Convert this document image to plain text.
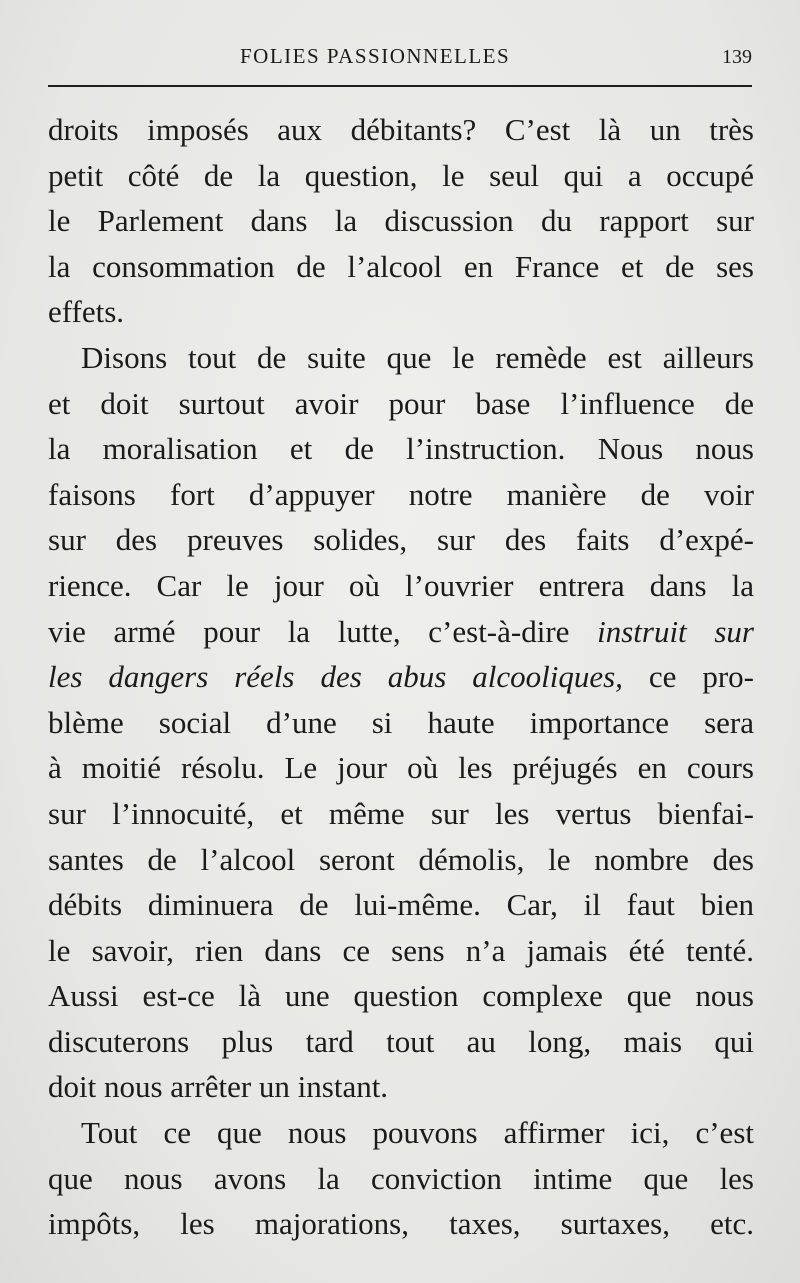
FOLIES PASSIONNELLES	139
droits imposés aux débitants? C’est là un très
petit côté de la question, le seul qui a occupé
le Parlement dans la discussion du rapport sur
la consommation de l’alcool en France et de ses
effets.
Disons tout de suite que le remède est ailleurs
et doit surtout avoir pour base l’influence de
la moralisation et de l’instruction. Nous nous
faisons fort d’appuyer notre manière de voir
sur des preuves solides, sur des faits d’expé-
rience. Car le jour où l’ouvrier entrera dans la
vie armé pour la lutte, c’est-à-dire instruit sur
les dangers réels des abus alcooliques, ce pro-
blème social d’une si haute importance sera
à moitié résolu. Le jour où les préjugés en cours
sur l’innocuité, et même sur les vertus bienfai-
santes de l’alcool seront démolis, le nombre des
débits diminuera de lui-même. Car, il faut bien
le savoir, rien dans ce sens n’a jamais été tenté.
Aussi est-ce là une question complexe que nous
discuterons plus tard tout au long, mais qui
doit nous arrêter un instant.
Tout ce que nous pouvons affirmer ici, c’est
que nous avons la conviction intime que les
impôts, les majorations, taxes, surtaxes, etc.
